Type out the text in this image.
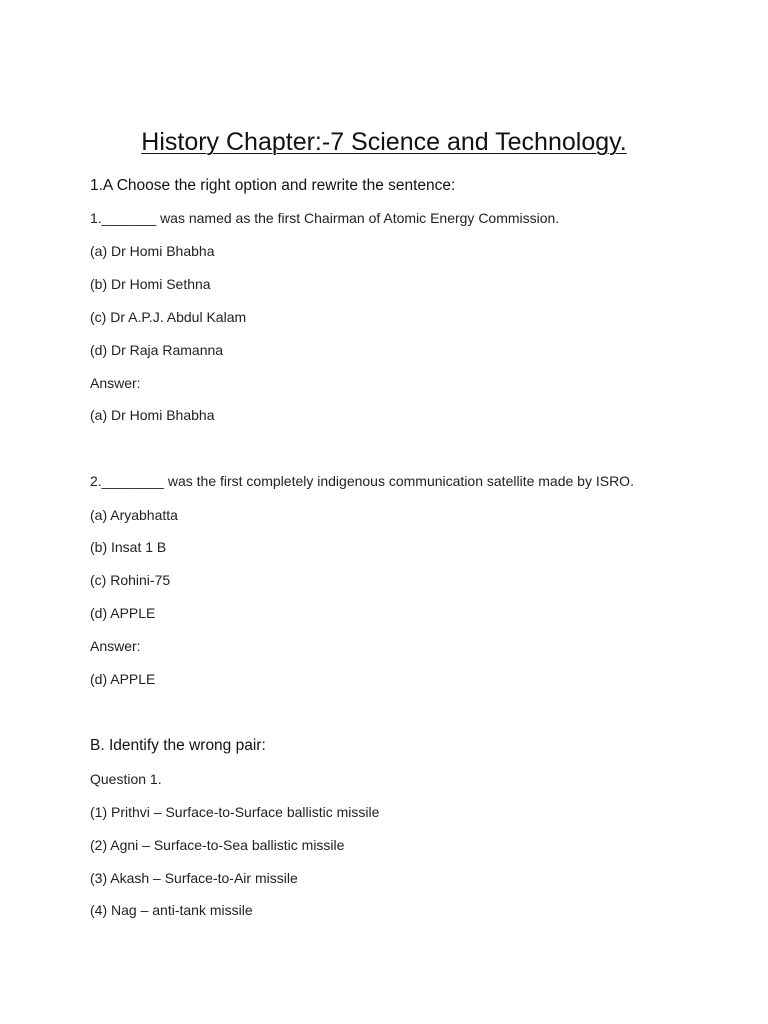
History Chapter:-7 Science and Technology.
1.A Choose the right option and rewrite the sentence:
1._______ was named as the first Chairman of Atomic Energy Commission.
(a) Dr Homi Bhabha
(b) Dr Homi Sethna
(c) Dr A.P.J. Abdul Kalam
(d) Dr Raja Ramanna
Answer:
(a) Dr Homi Bhabha
2.________ was the first completely indigenous communication satellite made by ISRO.
(a) Aryabhatta
(b) Insat 1 B
(c) Rohini-75
(d) APPLE
Answer:
(d) APPLE
B. Identify the wrong pair:
Question 1.
(1) Prithvi – Surface-to-Surface ballistic missile
(2) Agni – Surface-to-Sea ballistic missile
(3) Akash – Surface-to-Air missile
(4) Nag – anti-tank missile
